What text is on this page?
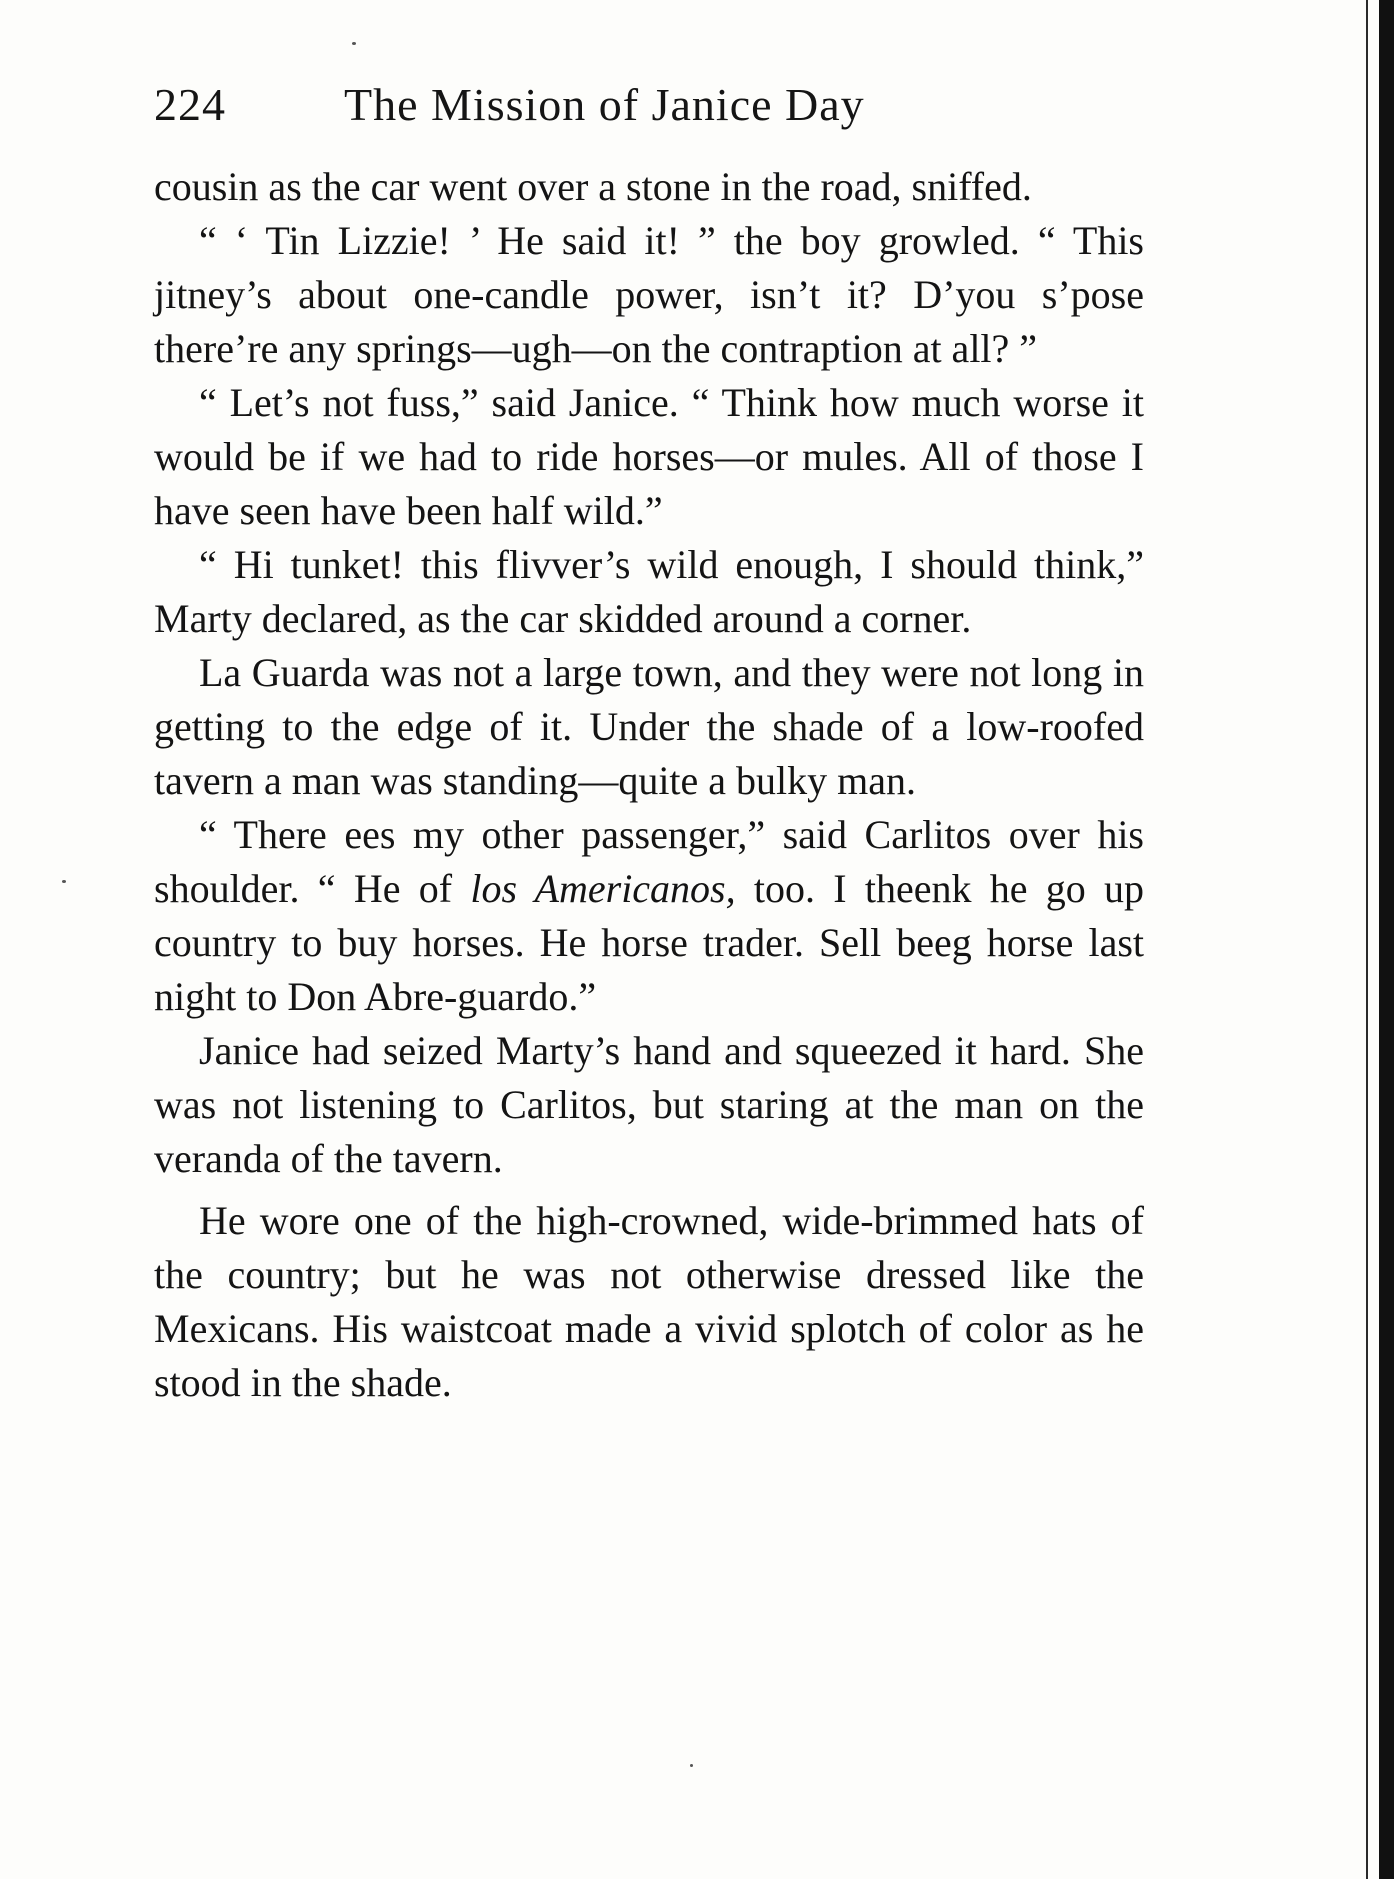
224	The Mission of Janice Day

cousin as the car went over a stone in the road, sniffed.

“ ‘ Tin Lizzie! ’ He said it! ” the boy growled. “ This jitney’s about one-candle power, isn’t it? D’you s’pose there’re any springs—ugh—on the contraption at all? ”

“ Let’s not fuss,” said Janice. “ Think how much worse it would be if we had to ride horses—or mules. All of those I have seen have been half wild.”

“ Hi tunket! this flivver’s wild enough, I should think,” Marty declared, as the car skidded around a corner.

La Guarda was not a large town, and they were not long in getting to the edge of it. Under the shade of a low-roofed tavern a man was standing—quite a bulky man.

“ There ees my other passenger,” said Carlitos over his shoulder. “ He of los Americanos, too. I theenk he go up country to buy horses. He horse trader. Sell beeg horse last night to Don Abre-guardo.”

Janice had seized Marty’s hand and squeezed it hard. She was not listening to Carlitos, but staring at the man on the veranda of the tavern.

He wore one of the high-crowned, wide-brimmed hats of the country; but he was not otherwise dressed like the Mexicans. His waistcoat made a vivid splotch of color as he stood in the shade.
